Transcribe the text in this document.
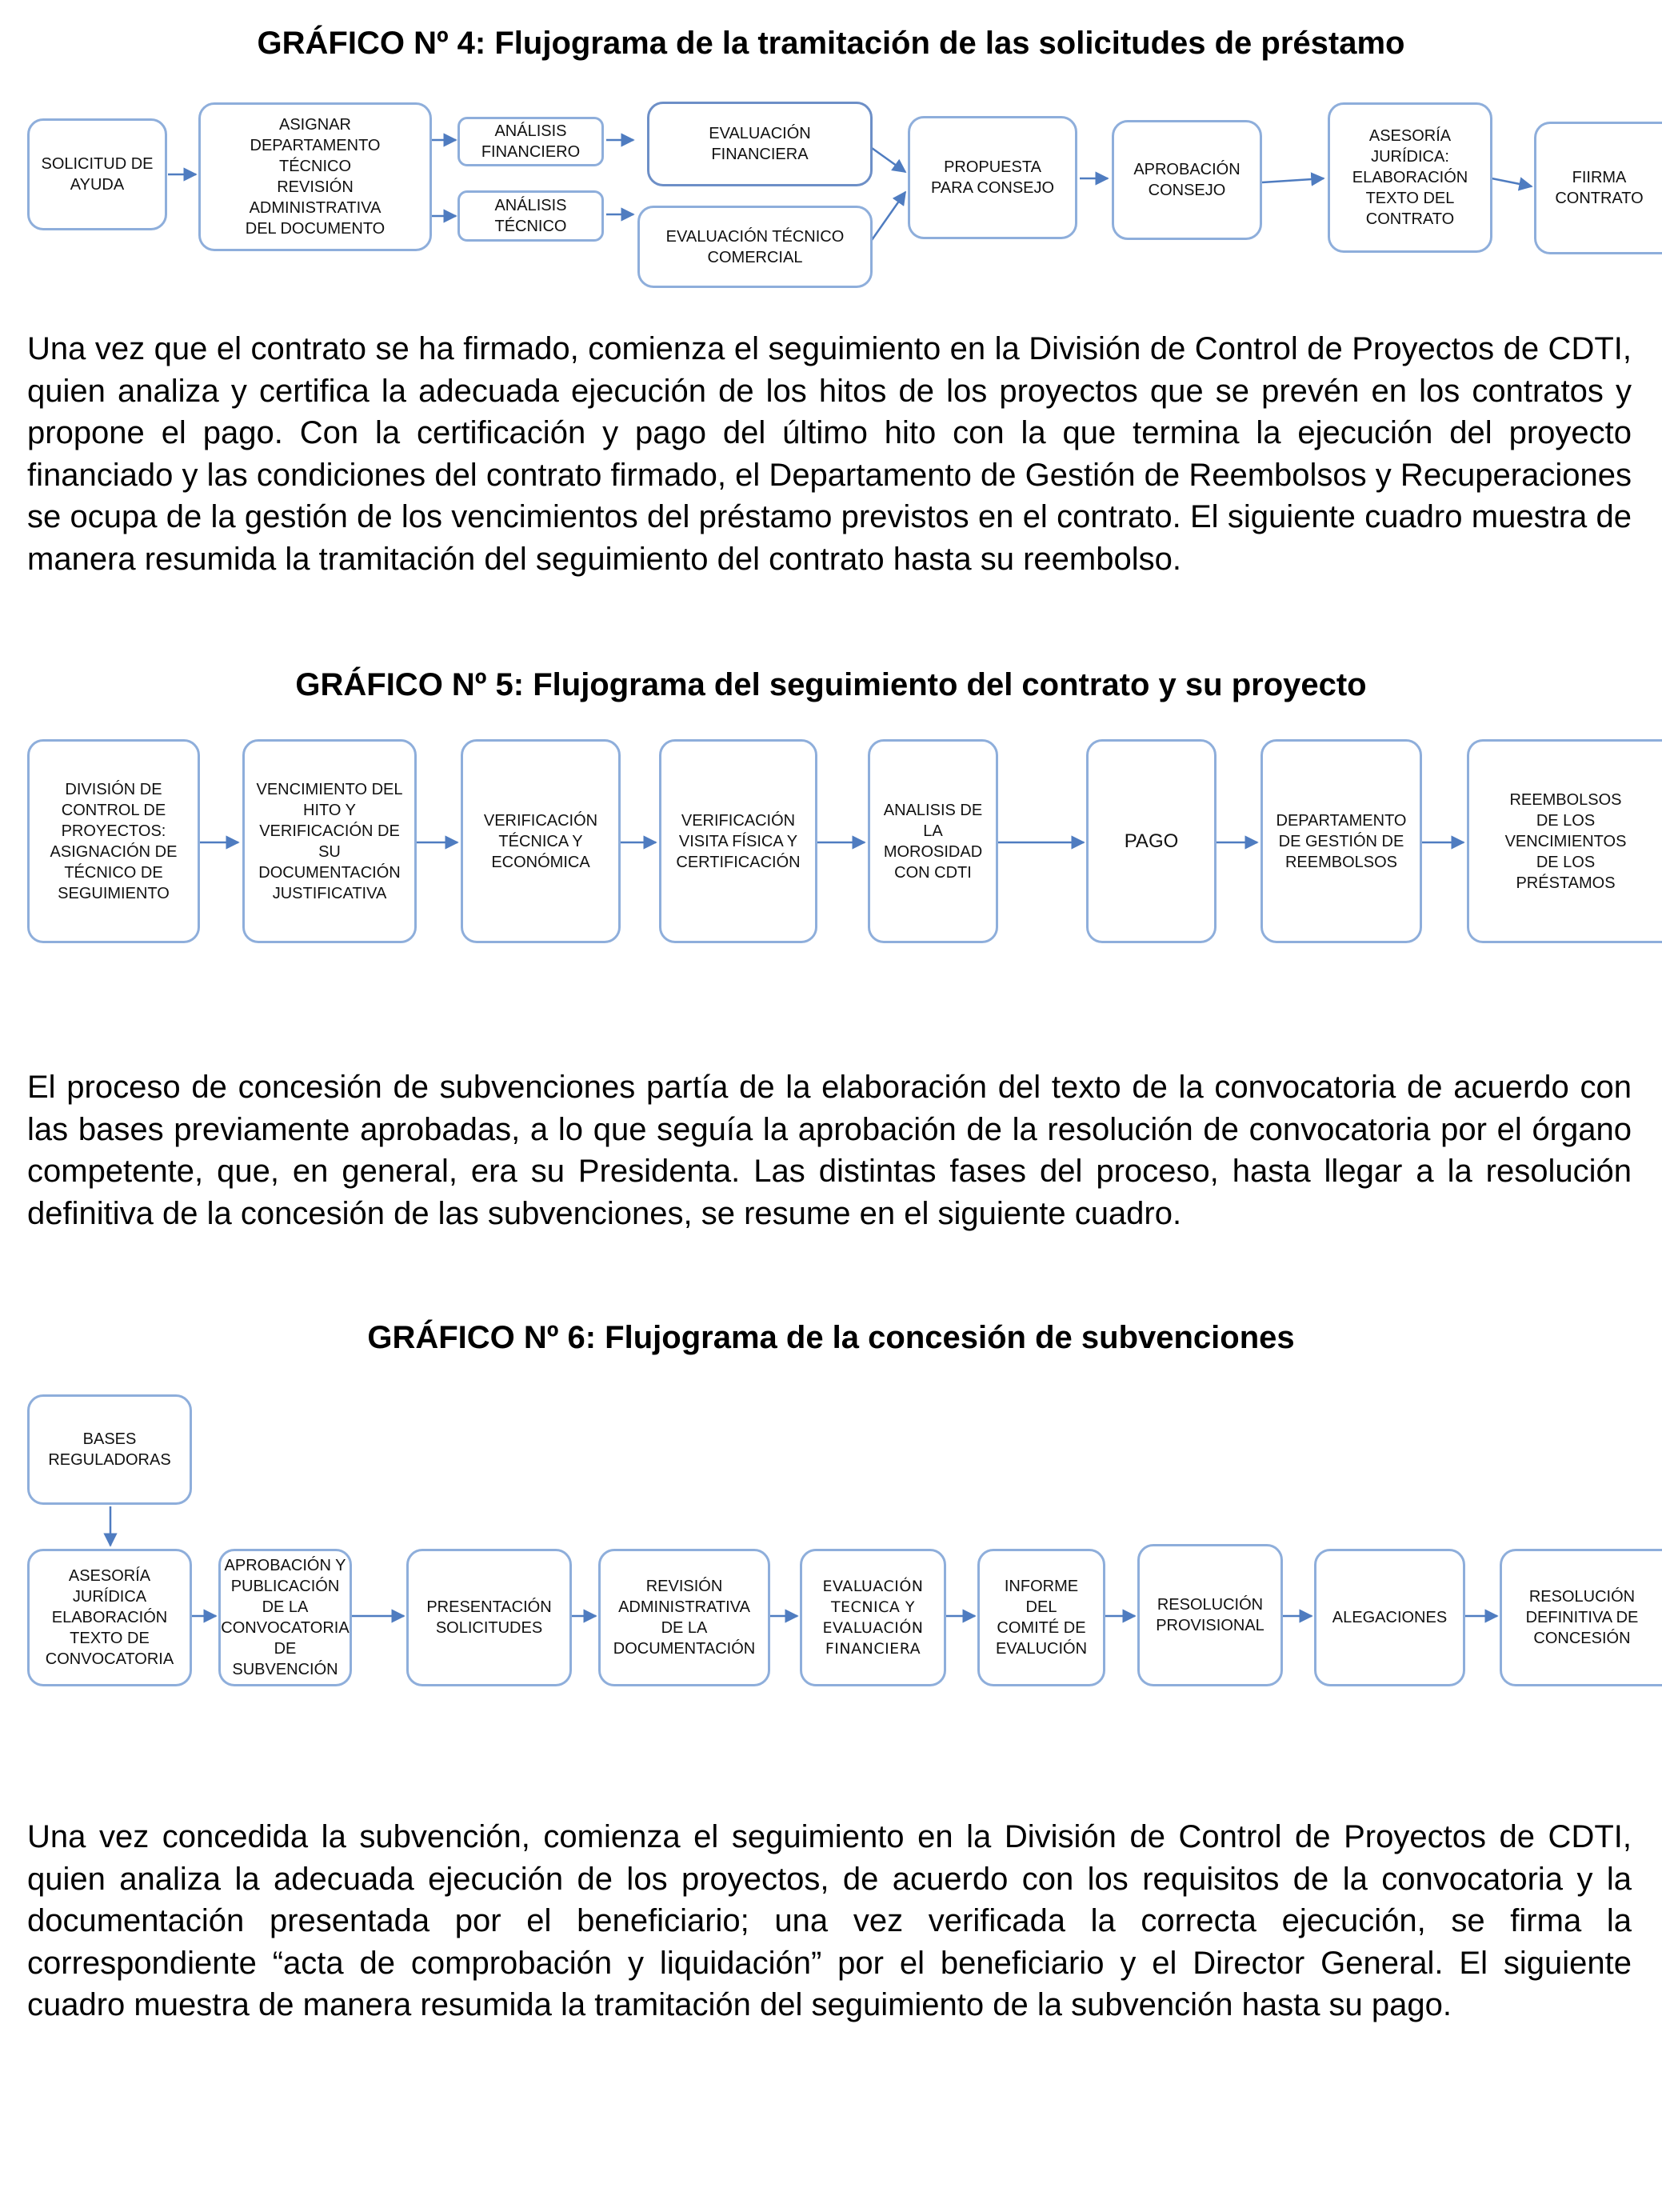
GRÁFICO Nº 4: Flujograma de la tramitación de las solicitudes de préstamo
SOLICITUD DE
AYUDA
ASIGNAR
DEPARTAMENTO
TÉCNICO
REVISIÓN
ADMINISTRATIVA
DEL DOCUMENTO
ANÁLISIS
FINANCIERO
ANÁLISIS
TÉCNICO
EVALUACIÓN
FINANCIERA
EVALUACIÓN TÉCNICO
COMERCIAL
PROPUESTA
PARA CONSEJO
APROBACIÓN
CONSEJO
ASESORÍA
JURÍDICA:
ELABORACIÓN
TEXTO DEL
CONTRATO
FIIRMA
CONTRATO

Una vez que el contrato se ha firmado, comienza el seguimiento en la División de Control de Proyectos de CDTI, quien analiza y certifica la adecuada ejecución de los hitos de los proyectos que se prevén en los contratos y propone el pago. Con la certificación y pago del último hito con la que termina la ejecución del proyecto financiado y las condiciones del contrato firmado, el Departamento de Gestión de Reembolsos y Recuperaciones se ocupa de la gestión de los vencimientos del préstamo previstos en el contrato. El siguiente cuadro muestra de manera resumida la tramitación del seguimiento del contrato hasta su reembolso.

GRÁFICO Nº 5: Flujograma del seguimiento del contrato y su proyecto
DIVISIÓN DE
CONTROL DE
PROYECTOS:
ASIGNACIÓN DE
TÉCNICO DE
SEGUIMIENTO
VENCIMIENTO DEL
HITO Y
VERIFICACIÓN DE
SU
DOCUMENTACIÓN
JUSTIFICATIVA
VERIFICACIÓN
TÉCNICA Y
ECONÓMICA
VERIFICACIÓN
VISITA FÍSICA Y
CERTIFICACIÓN
ANALISIS DE
LA
MOROSIDAD
CON CDTI
PAGO
DEPARTAMENTO
DE GESTIÓN DE
REEMBOLSOS
REEMBOLSOS
DE LOS
VENCIMIENTOS
DE LOS
PRÉSTAMOS

El proceso de concesión de subvenciones partía de la elaboración del texto de la convocatoria de acuerdo con las bases previamente aprobadas, a lo que seguía la aprobación de la resolución de convocatoria por el órgano competente, que, en general, era su Presidenta. Las distintas fases del proceso, hasta llegar a la resolución definitiva de la concesión de las subvenciones, se resume en el siguiente cuadro.

GRÁFICO Nº 6: Flujograma de la concesión de subvenciones
BASES
REGULADORAS
ASESORÍA
JURÍDICA
ELABORACIÓN
TEXTO DE
CONVOCATORIA
APROBACIÓN Y
PUBLICACIÓN
DE LA
CONVOCATORIA
DE
SUBVENCIÓN
PRESENTACIÓN
SOLICITUDES
REVISIÓN
ADMINISTRATIVA
DE LA
DOCUMENTACIÓN
EVALUACIÓN
TECNICA Y
EVALUACIÓN
FINANCIERA
INFORME
DEL
COMITÉ DE
EVALUCIÓN
RESOLUCIÓN
PROVISIONAL	ALEGACIONES
RESOLUCIÓN
DEFINITIVA DE
CONCESIÓN

Una vez concedida la subvención, comienza el seguimiento en la División de Control de Proyectos de CDTI, quien analiza la adecuada ejecución de los proyectos, de acuerdo con los requisitos de la convocatoria y la documentación presentada por el beneficiario; una vez verificada la correcta ejecución, se firma la correspondiente “acta de comprobación y liquidación” por el beneficiario y el Director General. El siguiente cuadro muestra de manera resumida la tramitación del seguimiento de la subvención hasta su pago.
